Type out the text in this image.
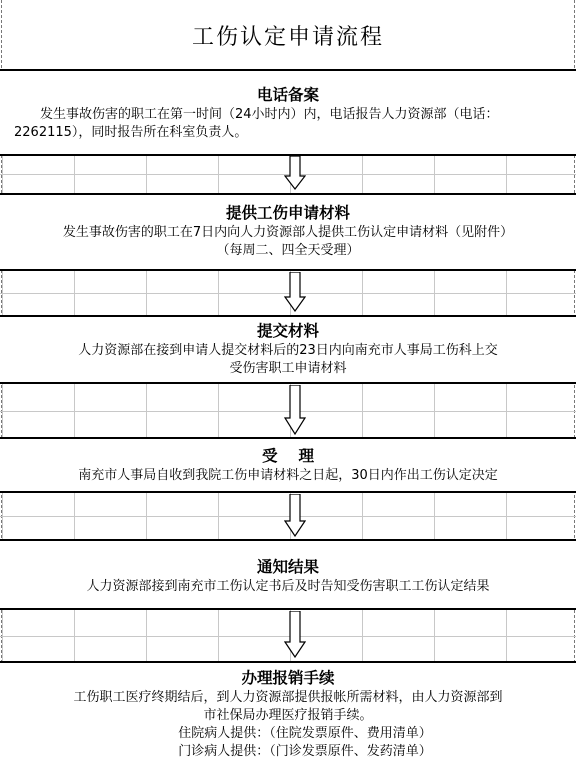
工伤认定申请流程
电话备案
发生事故伤害的职工在第一时间（24小时内）内，电话报告人力资源部（电话：2262115），同时报告所在科室负责人。
提供工伤申请材料
发生事故伤害的职工在7日内向人力资源部人提供工伤认定申请材料（见附件）
（每周二、四全天受理）
提交材料
人力资源部在接到申请人提交材料后的23日内向南充市人事局工伤科上交
受伤害职工申请材料
受　 理
南充市人事局自收到我院工伤申请材料之日起，30日内作出工伤认定决定
通知结果
人力资源部接到南充市工伤认定书后及时告知受伤害职工工伤认定结果
办理报销手续
工伤职工医疗终期结后，到人力资源部提供报帐所需材料，由人力资源部到
市社保局办理医疗报销手续。
住院病人提供：（住院发票原件、费用清单）
门诊病人提供：（门诊发票原件、发药清单）
